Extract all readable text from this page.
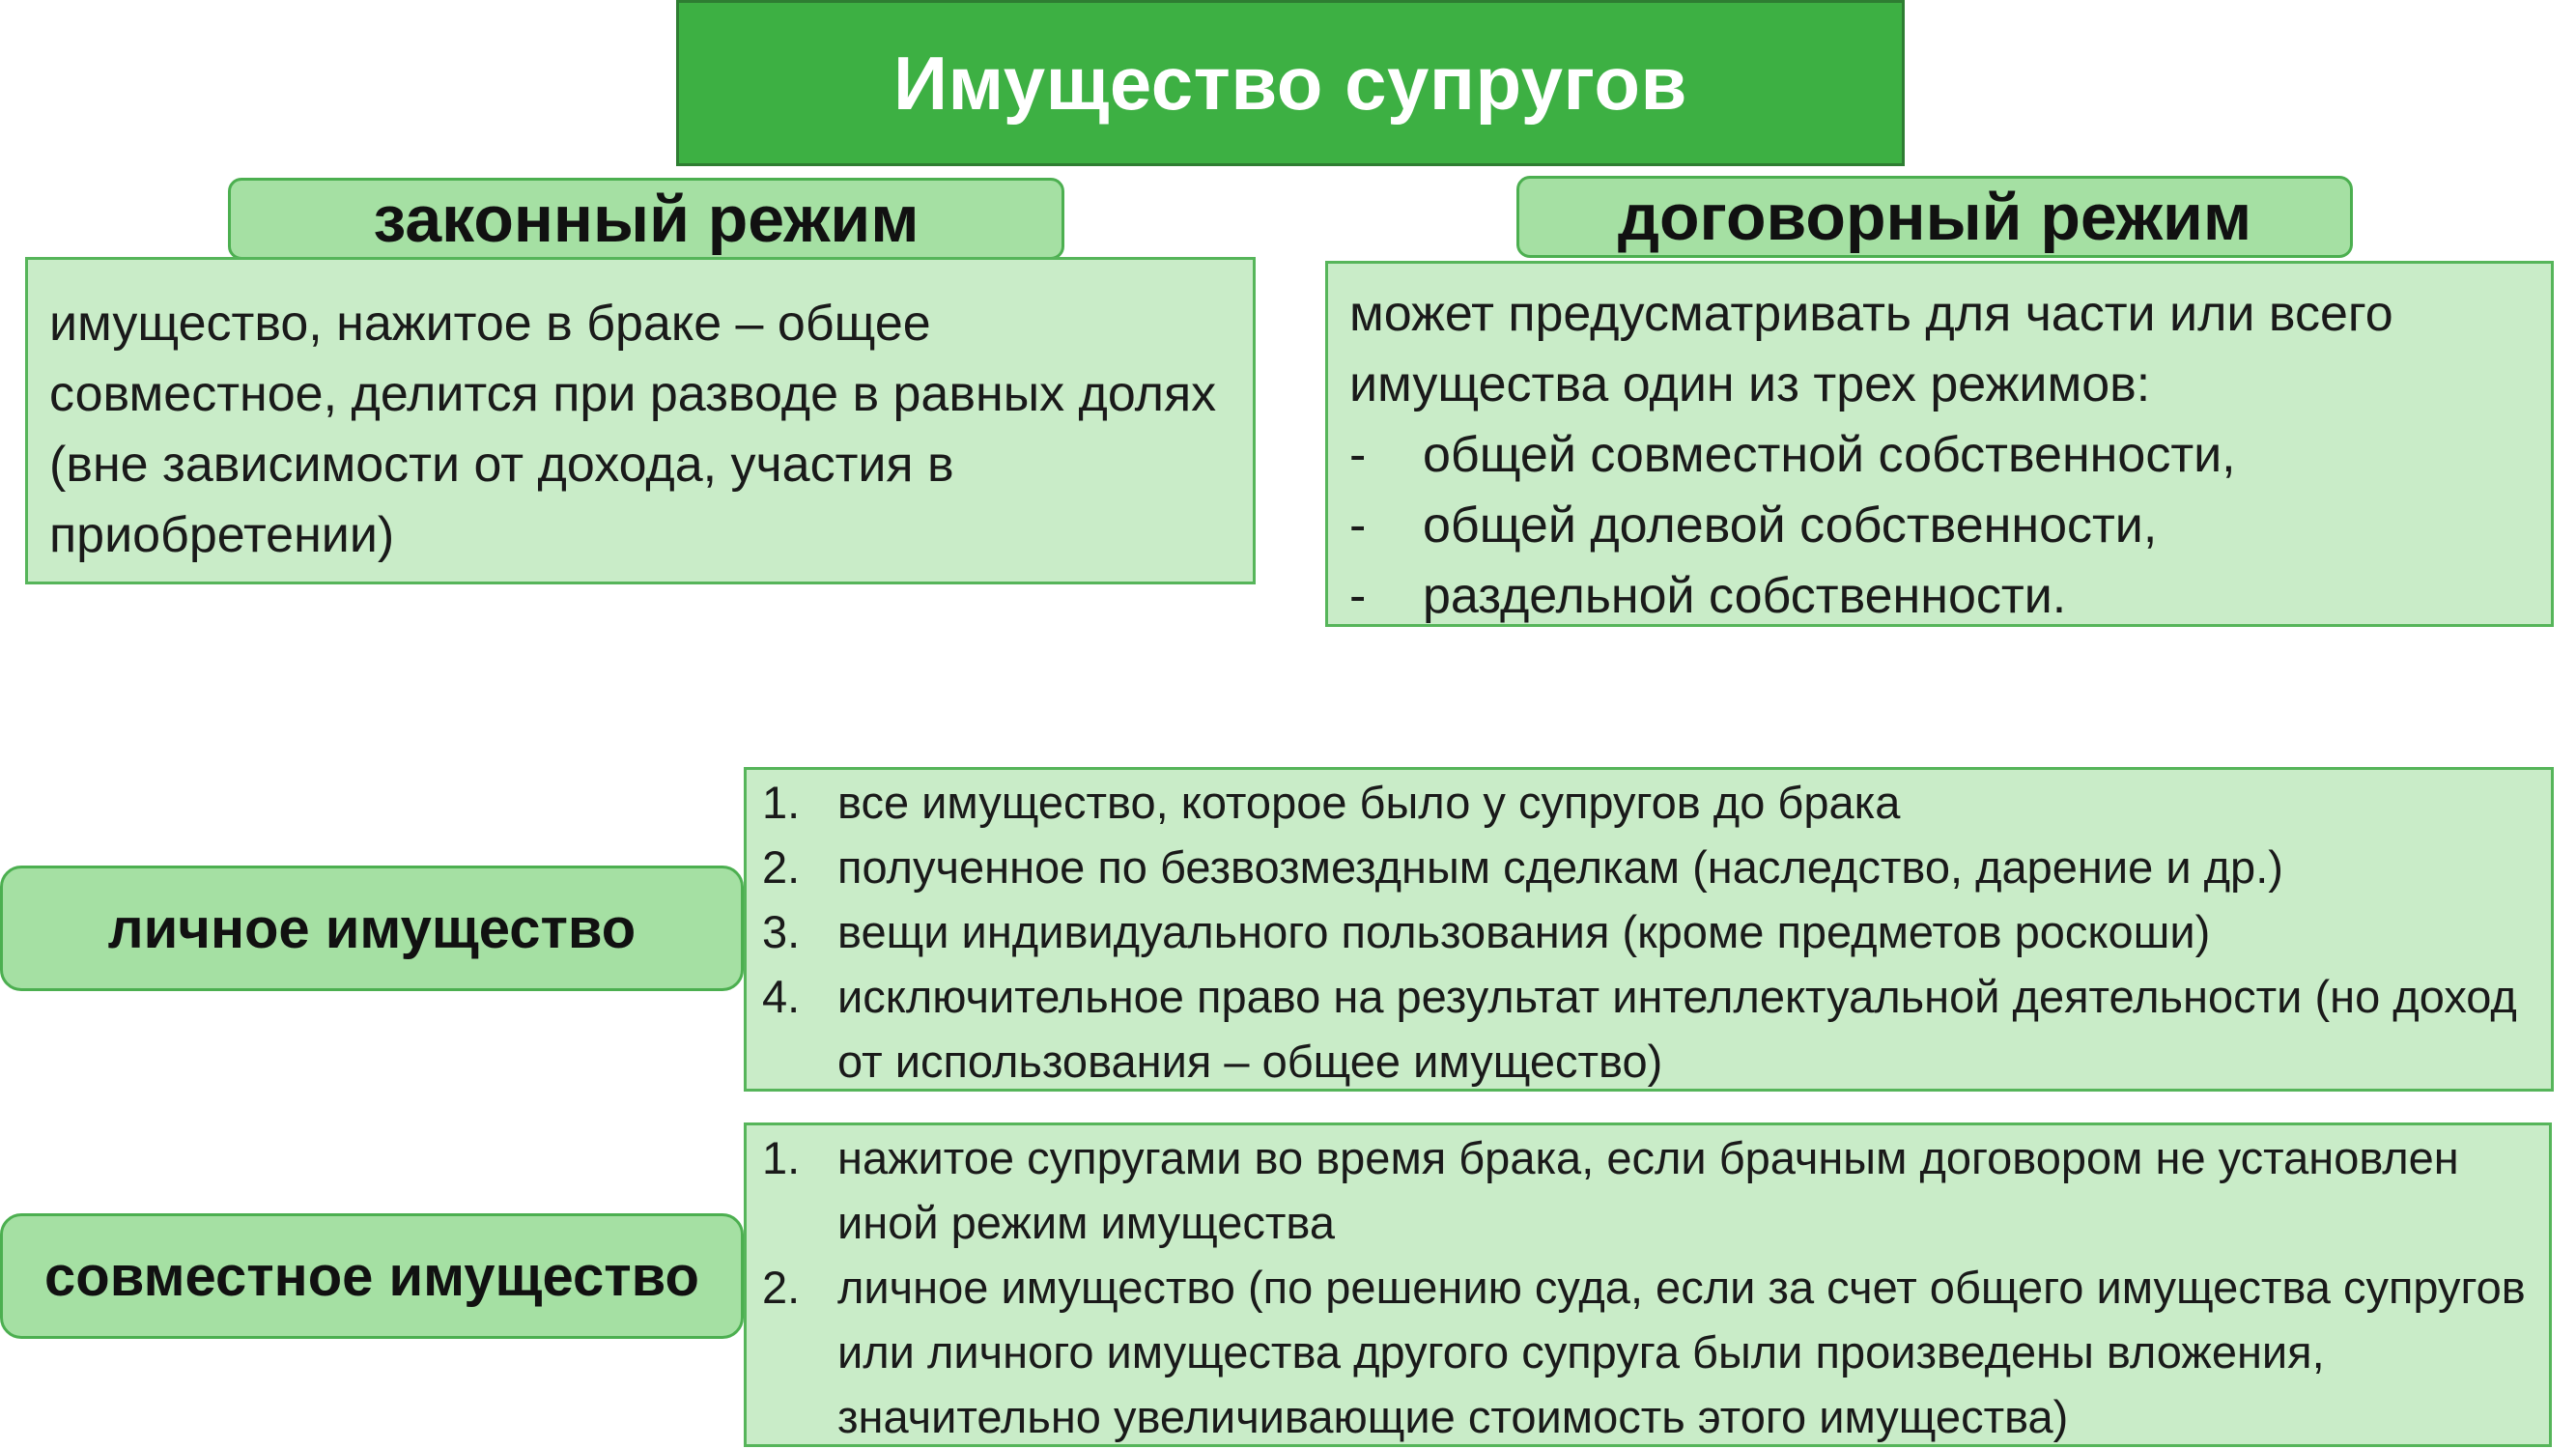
Имущество супругов
законный режим
имущество, нажитое в браке – общее совместное, делится при разводе в равных долях (вне зависимости от дохода, участия в приобретении)
договорный режим
может предусматривать для части или всего имущества один из трех режимов:
-	общей совместной собственности,
-	общей долевой собственности,
-	раздельной собственности.
личное имущество
1. все имущество, которое было у супругов до брака
2. полученное по безвозмездным сделкам (наследство, дарение и др.)
3. вещи индивидуального пользования (кроме предметов роскоши)
4. исключительное право на результат интеллектуальной деятельности (но доход от использования – общее имущество)
совместное имущество
1. нажитое супругами во время брака, если брачным договором не установлен иной режим имущества
2. личное имущество (по решению суда, если за счет общего имущества супругов или личного имущества другого супруга были произведены вложения, значительно увеличивающие стоимость этого имущества)
